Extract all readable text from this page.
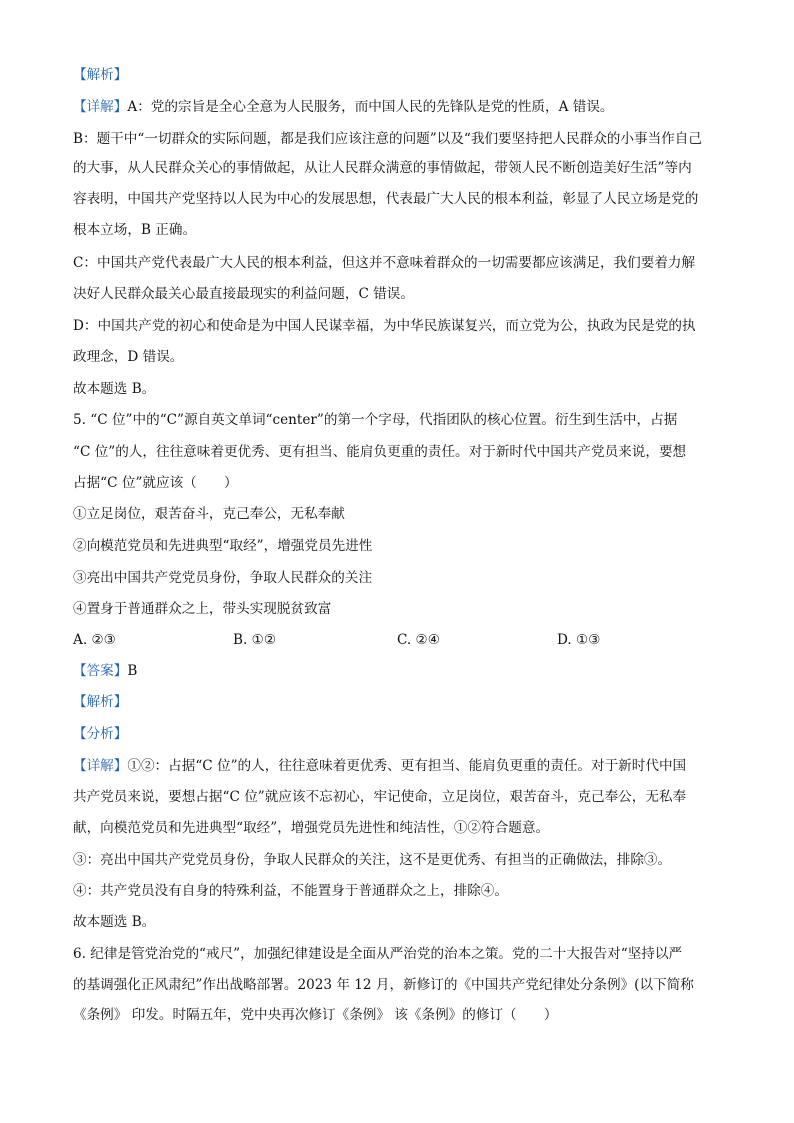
【解析】
【详解】A：党的宗旨是全心全意为人民服务，而中国人民的先锋队是党的性质，A 错误。
B：题干中“一切群众的实际问题，都是我们应该注意的问题”以及“我们要坚持把人民群众的小事当作自己
的大事，从人民群众关心的事情做起，从让人民群众满意的事情做起，带领人民不断创造美好生活”等内
容表明，中国共产党坚持以人民为中心的发展思想，代表最广大人民的根本利益，彰显了人民立场是党的
根本立场，B 正确。
C：中国共产党代表最广大人民的根本利益，但这并不意味着群众的一切需要都应该满足，我们要着力解
决好人民群众最关心最直接最现实的利益问题，C 错误。
D：中国共产党的初心和使命是为中国人民谋幸福，为中华民族谋复兴，而立党为公，执政为民是党的执
政理念，D 错误。
故本题选 B。
5. “C 位”中的“C”源自英文单词“center”的第一个字母，代指团队的核心位置。衍生到生活中，占据
“C 位”的人，往往意味着更优秀、更有担当、能肩负更重的责任。对于新时代中国共产党员来说，要想
占据“C 位”就应该（　　）
①立足岗位，艰苦奋斗，克己奉公，无私奉献
②向模范党员和先进典型“取经”，增强党员先进性
③亮出中国共产党党员身份，争取人民群众的关注
④置身于普通群众之上，带头实现脱贫致富
A. ②③	B. ①②	C. ②④	D. ①③
【答案】B
【解析】
【分析】
【详解】①②：占据“C 位”的人，往往意味着更优秀、更有担当、能肩负更重的责任。对于新时代中国
共产党员来说，要想占据“C 位”就应该不忘初心，牢记使命，立足岗位，艰苦奋斗，克己奉公，无私奉
献，向模范党员和先进典型“取经”，增强党员先进性和纯洁性，①②符合题意。
③：亮出中国共产党党员身份，争取人民群众的关注，这不是更优秀、有担当的正确做法，排除③。
④：共产党员没有自身的特殊利益，不能置身于普通群众之上，排除④。
故本题选 B。
6. 纪律是管党治党的“戒尺”，加强纪律建设是全面从严治党的治本之策。党的二十大报告对“坚持以严
的基调强化正风肃纪”作出战略部署。2023 年 12 月，新修订的《中国共产党纪律处分条例》(以下简称
《条例》 印发。时隔五年，党中央再次修订《条例》 该《条例》的修订（　　）
